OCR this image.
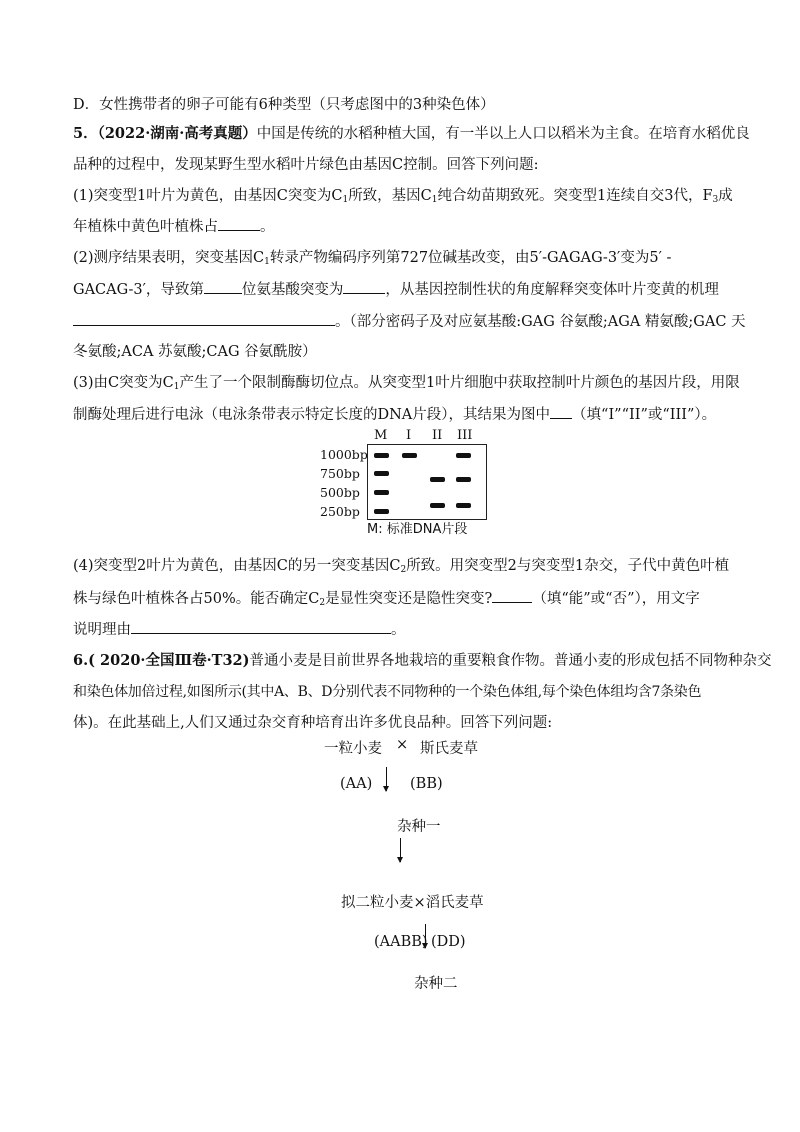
D．女性携带者的卵子可能有6种类型（只考虑图中的3种染色体）
5．（2022·湖南·高考真题）中国是传统的水稻种植大国，有一半以上人口以稻米为主食。在培育水稻优良
品种的过程中，发现某野生型水稻叶片绿色由基因C控制。回答下列问题:
(1)突变型1叶片为黄色，由基因C突变为$C_1$所致，基因$C_1$纯合幼苗期致死。突变型1连续自交3代，$F_3$成
年植株中黄色叶植株占	。
(2)测序结果表明，突变基因$C_1$转录产物编码序列第727位碱基改变，由5′-GAGAG-3′变为5′ -
GACAG-3′，导致第	位氨基酸突变为	，从基因控制性状的角度解释突变体叶片变黄的机理
。（部分密码子及对应氨基酸:GAG 谷氨酸;AGA 精氨酸;GAC 天
冬氨酸;ACA 苏氨酸;CAG 谷氨酰胺）
(3)由C突变为$C_1$产生了一个限制酶酶切位点。从突变型1叶片细胞中获取控制叶片颜色的基因片段，用限
制酶处理后进行电泳（电泳条带表示特定长度的DNA片段），其结果为图中 （填“I”“II”或“III”）。
M I II III
1000bp
750bp
500bp
250bp
M: 标准DNA片段
(4)突变型2叶片为黄色，由基因C的另一突变基因$C_2$所致。用突变型2与突变型1杂交，子代中黄色叶植
株与绿色叶植株各占50%。能否确定$C_2$是显性突变还是隐性突变?	（填“能”或“否”），用文字
说明理由	。
6.( 2020·全国Ⅲ卷·T32)普通小麦是目前世界各地栽培的重要粮食作物。普通小麦的形成包括不同物种杂交
和染色体加倍过程,如图所示(其中A、B、D分别代表不同物种的一个染色体组,每个染色体组均含7条染色
体)。在此基础上,人们又通过杂交育种培育出许多优良品种。回答下列问题:
一粒小麦 × 斯氏麦草
(AA)	(BB)
杂种一
拟二粒小麦×滔氏麦草
(AABB) (DD)
杂种二
